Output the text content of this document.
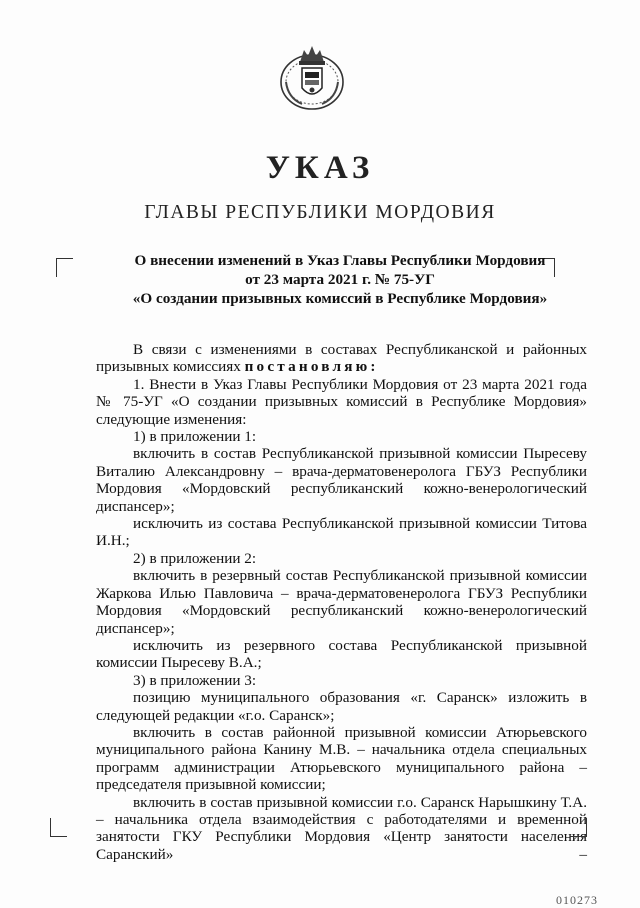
УКАЗ
ГЛАВЫ РЕСПУБЛИКИ МОРДОВИЯ
О внесении изменений в Указ Главы Республики Мордовия
от 23 марта 2021 г. № 75-УГ
«О создании призывных комиссий в Республике Мордовия»

В связи с изменениями в составах Республиканской и районных призывных комиссиях постановляю:

1. Внести в Указ Главы Республики Мордовия от 23 марта 2021 года № 75-УГ «О создании призывных комиссий в Республике Мордовия» следующие изменения:

1) в приложении 1:

включить в состав Республиканской призывной комиссии Пыресеву Виталию Александровну – врача-дерматовенеролога ГБУЗ Республики Мордовия «Мордовский республиканский кожно-венерологический диспансер»;

исключить из состава Республиканской призывной комиссии Титова И.Н.;

2) в приложении 2:

включить в резервный состав Республиканской призывной комиссии Жаркова Илью Павловича – врача-дерматовенеролога ГБУЗ Республики Мордовия «Мордовский республиканский кожно-венерологический диспансер»;

исключить из резервного состава Республиканской призывной комиссии Пыресеву В.А.;

3) в приложении 3:

позицию муниципального образования «г. Саранск» изложить в следующей редакции «г.о. Саранск»;

включить в состав районной призывной комиссии Атюрьевского муниципального района Канину М.В. – начальника отдела специальных программ администрации Атюрьевского муниципального района – председателя призывной комиссии;

включить в состав призывной комиссии г.о. Саранск Нарышкину Т.А. – начальника отдела взаимодействия с работодателями и временной занятости ГКУ Республики Мордовия «Центр занятости населения Саранский» –

010273
